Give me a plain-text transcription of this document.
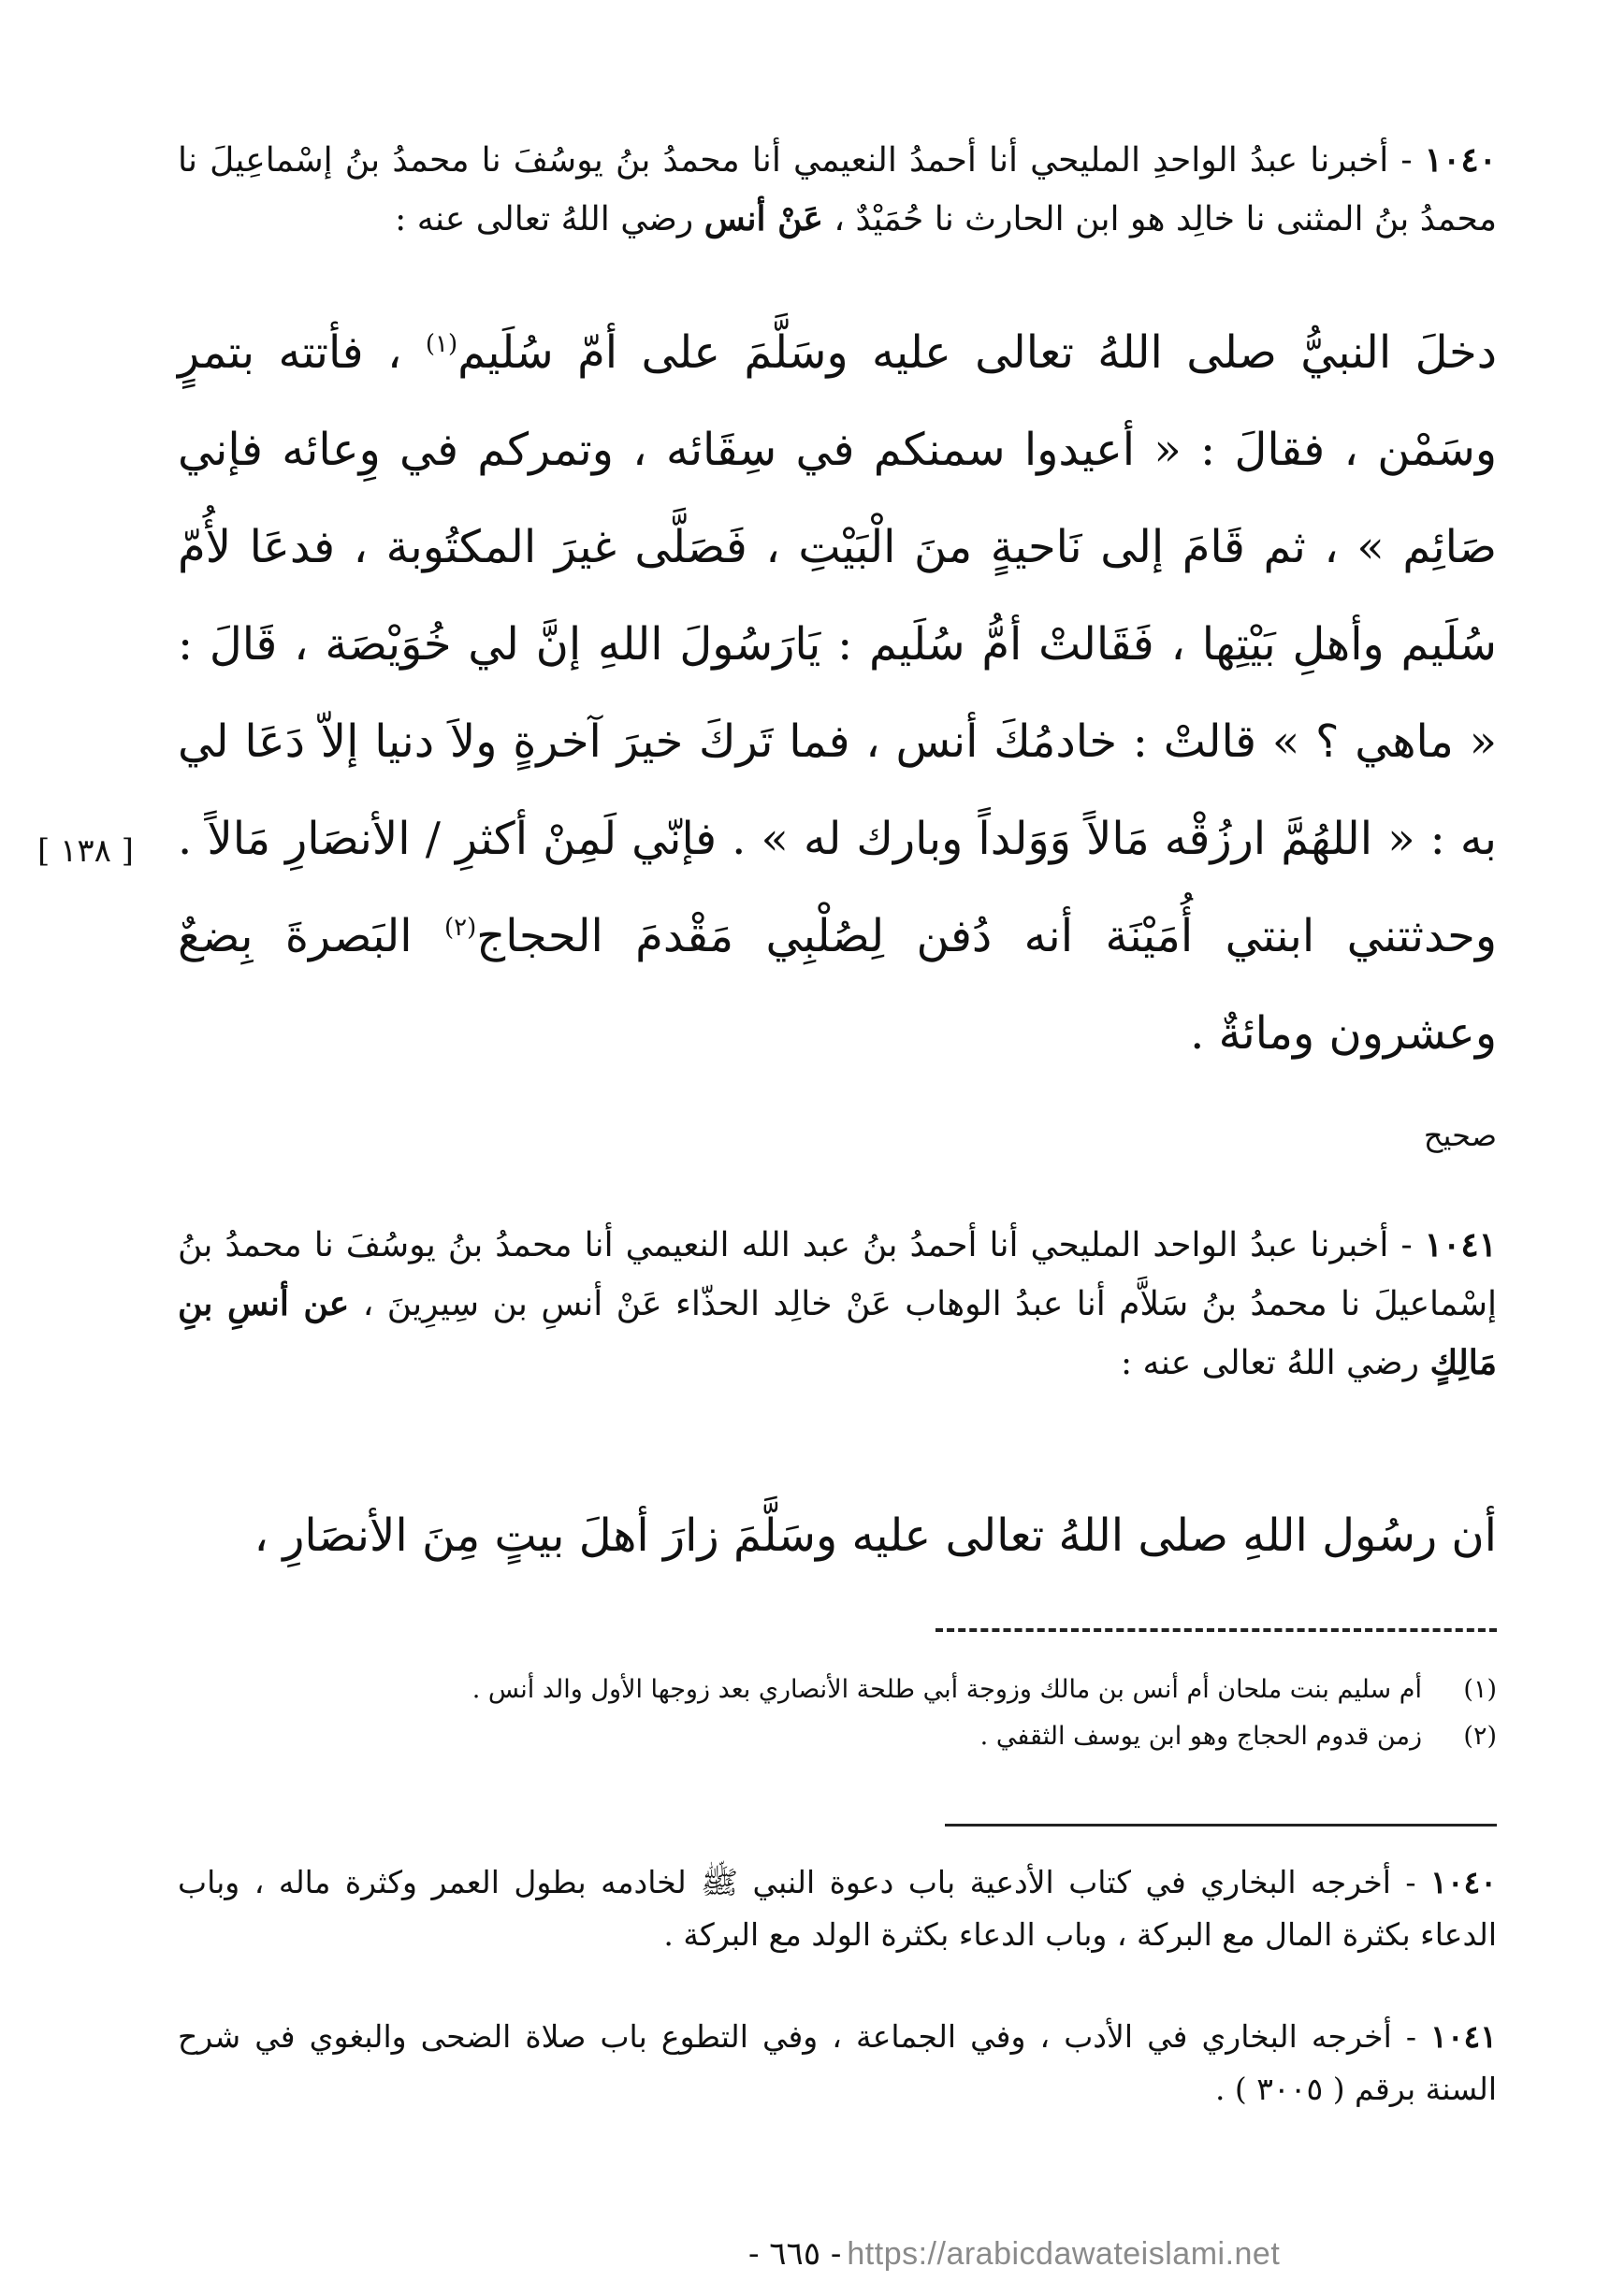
١٠٤٠ - أخبرنا عبدُ الواحدِ المليحي أنا أحمدُ النعيمي أنا محمدُ بنُ يوسُفَ نا محمدُ بنُ إسْماعِيلَ نا محمدُ بنُ المثنى نا خالِد هو ابن الحارث نا حُمَيْدٌ ، عَنْ أنس رضي اللهُ تعالى عنه :
دخلَ النبيُّ صلى اللهُ تعالى عليه وسَلَّمَ على أمّ سُلَيم$^{(١)}$ ، فأتته بتمرٍ وسَمْن ، فقالَ : « أعيدوا سمنكم في سِقَائه ، وتمركم في وِعائه فإني صَائِم » ، ثم قَامَ إلى نَاحيةٍ منَ الْبَيْتِ ، فَصَلَّى غيرَ المكتُوبة ، فدعَا لأُمّ سُلَيم وأهلِ بَيْتِها ، فَقَالتْ أمُّ سُلَيم : يَارَسُولَ اللهِ إنَّ لي خُوَيْصَة ، قَالَ : « ماهي ؟ » قالتْ : خادمُكَ أنس ، فما تَركَ خيرَ آخرةٍ ولاَ دنيا إلاّ دَعَا لي به : « اللهُمَّ ارزُقْه مَالاً وَوَلداً وبارك له » . فإنّي لَمِنْ أكثرِ / الأنصَارِ مَالاً . وحدثتني ابنتي أُمَيْنَة أنه دُفن لِصُلْبِي مَقْدمَ الحجاج$^{(٢)}$ البَصرةَ بِضعٌ وعشرون ومائةٌ .
[ ١٣٨ ]
صحيح
١٠٤١ - أخبرنا عبدُ الواحد المليحي أنا أحمدُ بنُ عبد الله النعيمي أنا محمدُ بنُ يوسُفَ نا محمدُ بنُ إسْماعيلَ نا محمدُ بنُ سَلاَّم أنا عبدُ الوهاب عَنْ خالِد الحذّاء عَنْ أنسِ بن سِيرِينَ ، عن أنسِ بنِ مَالِكٍ رضي اللهُ تعالى عنه :
أن رسُول اللهِ صلى اللهُ تعالى عليه وسَلَّمَ زارَ أهلَ بيتٍ مِنَ الأنصَارِ ،
(١)
أم سليم بنت ملحان أم أنس بن مالك وزوجة أبي طلحة الأنصاري بعد زوجها الأول والد أنس .
(٢)
زمن قدوم الحجاج وهو ابن يوسف الثقفي .
١٠٤٠ - أخرجه البخاري في كتاب الأدعية باب دعوة النبي ﷺ لخادمه بطول العمر وكثرة ماله ، وباب الدعاء بكثرة المال مع البركة ، وباب الدعاء بكثرة الولد مع البركة .
١٠٤١ - أخرجه البخاري في الأدب ، وفي الجماعة ، وفي التطوع باب صلاة الضحى والبغوي في شرح السنة برقم ( ٣٠٠٥ ) .
- ٦٦٥ - https://arabicdawateislami.net
